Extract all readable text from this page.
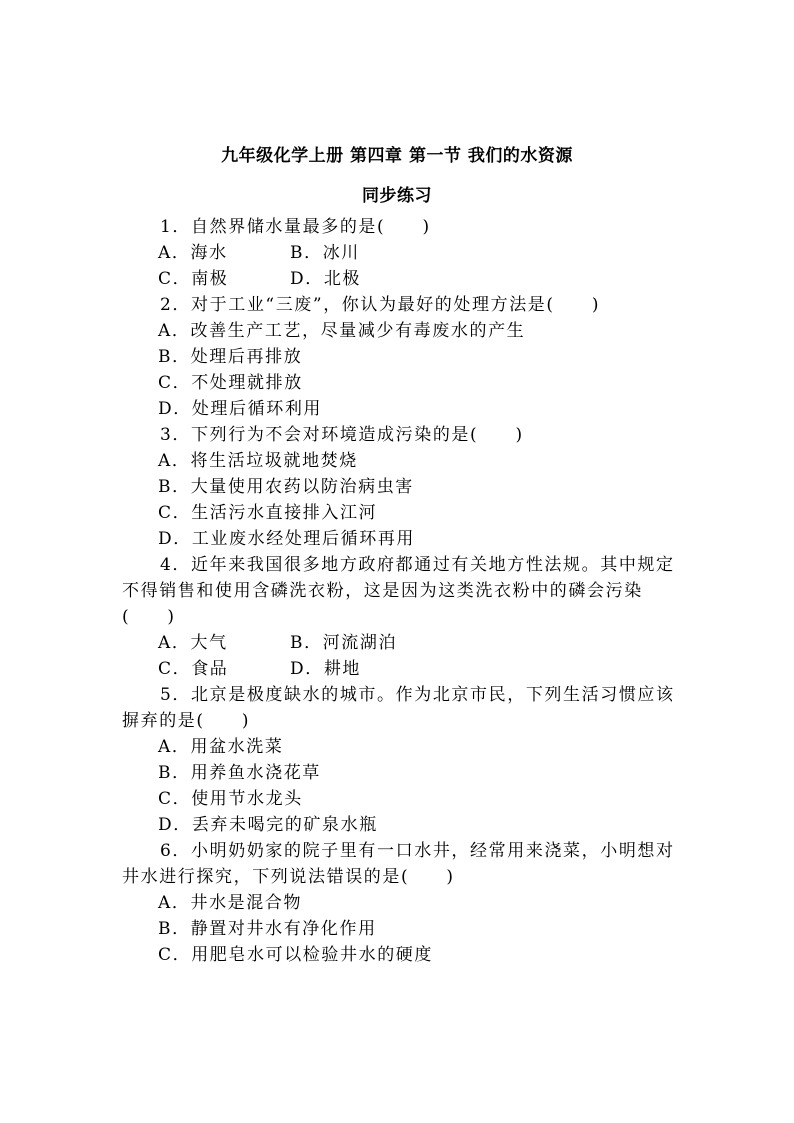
九年级化学上册 第四章 第一节 我们的水资源
同步练习
1．自然界储水量最多的是(　　)
A．海水	B．冰川
C．南极	D．北极
2．对于工业“三废”，你认为最好的处理方法是(　　)
A．改善生产工艺，尽量减少有毒废水的产生
B．处理后再排放
C．不处理就排放
D．处理后循环利用
3．下列行为不会对环境造成污染的是(　　)
A．将生活垃圾就地焚烧
B．大量使用农药以防治病虫害
C．生活污水直接排入江河
D．工业废水经处理后循环再用
4．近年来我国很多地方政府都通过有关地方性法规。其中规定不得销售和使用含磷洗衣粉，这是因为这类洗衣粉中的磷会污染(　　)
A．大气	B．河流湖泊
C．食品	D．耕地
5．北京是极度缺水的城市。作为北京市民，下列生活习惯应该摒弃的是(　　)
A．用盆水洗菜
B．用养鱼水浇花草
C．使用节水龙头
D．丢弃未喝完的矿泉水瓶
6．小明奶奶家的院子里有一口水井，经常用来浇菜，小明想对井水进行探究，下列说法错误的是(　　)
A．井水是混合物
B．静置对井水有净化作用
C．用肥皂水可以检验井水的硬度
